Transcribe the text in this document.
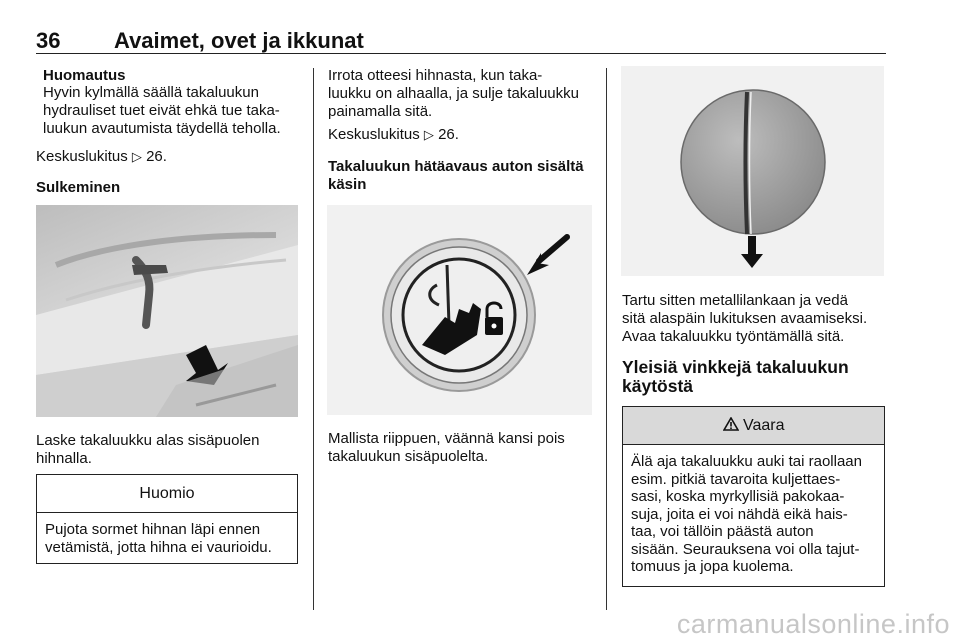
36 Avaimet, ovet ja ikkunat
Huomautus
Hyvin kylmällä säällä takaluukun
hydrauliset tuet eivät ehkä tue taka-
luukun avautumista täydellä teholla.
Keskuslukitus ▷ 26.
Sulkeminen
Laske takaluukku alas sisäpuolen
hihnalla.
Huomio
Pujota sormet hihnan läpi ennen
vetämistä, jotta hihna ei vaurioidu.
Irrota otteesi hihnasta, kun taka-
luukku on alhaalla, ja sulje takaluukku
painamalla sitä.
Keskuslukitus ▷ 26.
Takaluukun hätäavaus auton sisältä
käsin
Mallista riippuen, väännä kansi pois
takaluukun sisäpuolelta.
Tartu sitten metallilankaan ja vedä
sitä alaspäin lukituksen avaamiseksi.
Avaa takaluukku työntämällä sitä.
Yleisiä vinkkejä takaluukun
käytöstä
Vaara
Älä aja takaluukku auki tai raollaan
esim. pitkiä tavaroita kuljettaes-
sasi, koska myrkyllisiä pakokaa-
suja, joita ei voi nähdä eikä hais-
taa, voi tällöin päästä auton
sisään. Seurauksena voi olla tajut-
tomuus ja jopa kuolema.
carmanualsonline.info
